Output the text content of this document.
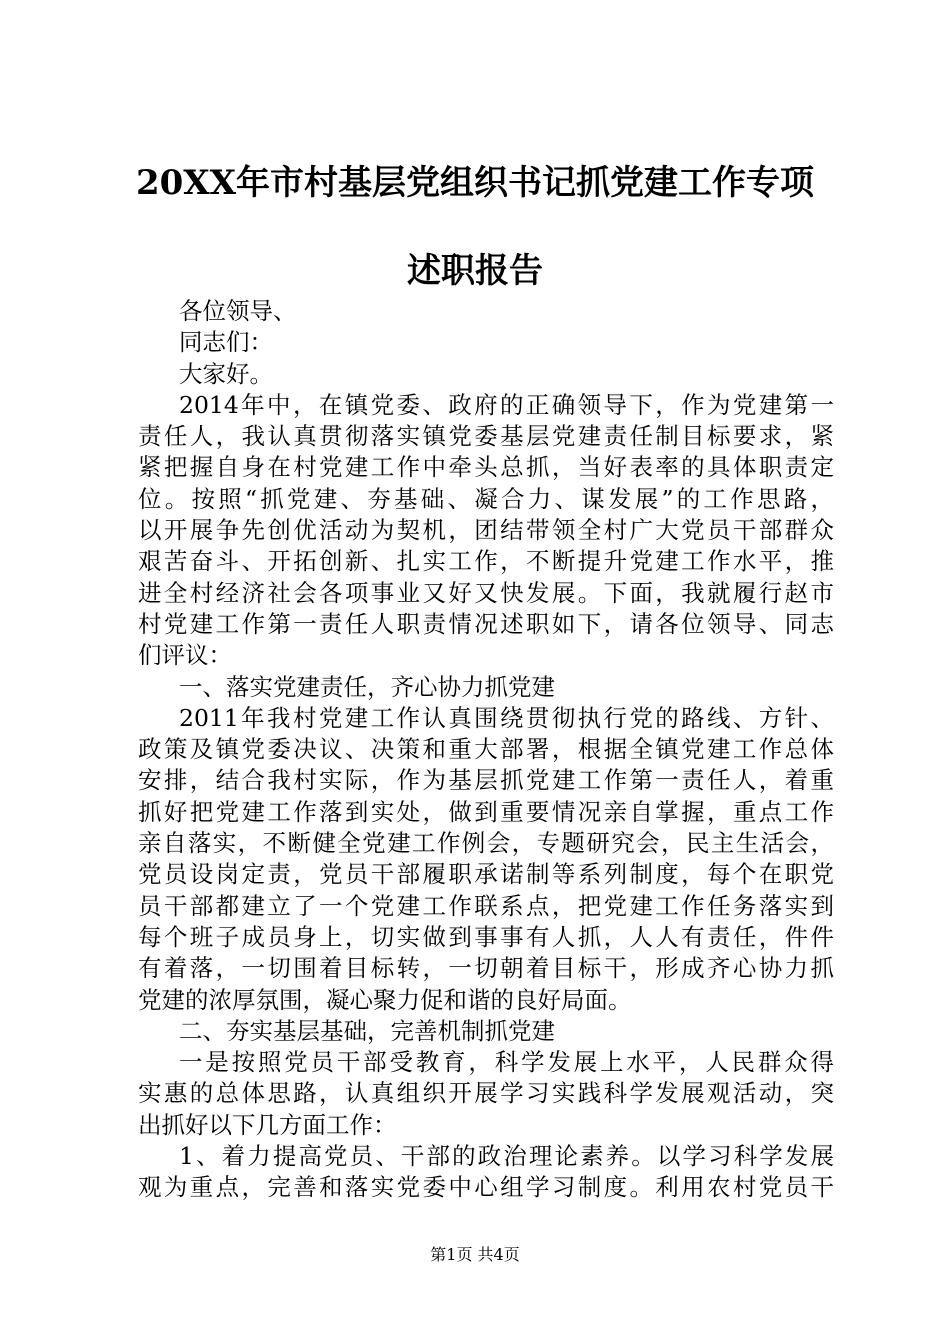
20XX年市村基层党组织书记抓党建工作专项
述职报告
各位领导、
同志们：
大家好。
2014年中，在镇党委、政府的正确领导下，作为党建第一
责任人，我认真贯彻落实镇党委基层党建责任制目标要求，紧
紧把握自身在村党建工作中牵头总抓，当好表率的具体职责定
位。按照“抓党建、夯基础、凝合力、谋发展”的工作思路，
以开展争先创优活动为契机，团结带领全村广大党员干部群众
艰苦奋斗、开拓创新、扎实工作，不断提升党建工作水平，推
进全村经济社会各项事业又好又快发展。下面，我就履行赵市
村党建工作第一责任人职责情况述职如下，请各位领导、同志
们评议：
一、落实党建责任，齐心协力抓党建
2011年我村党建工作认真围绕贯彻执行党的路线、方针、
政策及镇党委决议、决策和重大部署，根据全镇党建工作总体
安排，结合我村实际，作为基层抓党建工作第一责任人，着重
抓好把党建工作落到实处，做到重要情况亲自掌握，重点工作
亲自落实，不断健全党建工作例会，专题研究会，民主生活会，
党员设岗定责，党员干部履职承诺制等系列制度，每个在职党
员干部都建立了一个党建工作联系点，把党建工作任务落实到
每个班子成员身上，切实做到事事有人抓，人人有责任，件件
有着落，一切围着目标转，一切朝着目标干，形成齐心协力抓
党建的浓厚氛围，凝心聚力促和谐的良好局面。
二、夯实基层基础，完善机制抓党建
一是按照党员干部受教育，科学发展上水平，人民群众得
实惠的总体思路，认真组织开展学习实践科学发展观活动，突
出抓好以下几方面工作：
1、着力提高党员、干部的政治理论素养。以学习科学发展
观为重点，完善和落实党委中心组学习制度。利用农村党员干
第1页 共4页
